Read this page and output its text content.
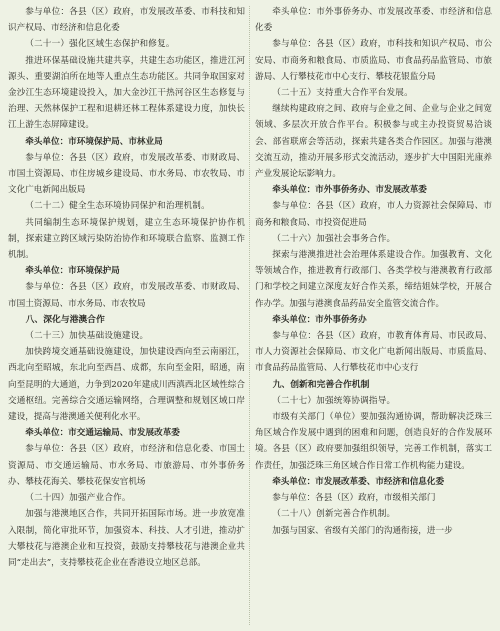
参与单位：各县（区）政府，市发展改革委、市科技和知识产权局、市经济和信息化委

（二十一）强化区域生态保护和修复。

推进环保基础设施共建共享，共建生态功能区，推进江河源头、重要湖泊所在地等人重点生态功能区。共同争取国家对金沙江生态环境建设投入，加大金沙江干热河谷区生态修复与治理、天然林保护工程和退耕还林工程体系建设力度，加快长江上游生态屏障建设。

牵头单位：市环境保护局、市林业局

参与单位：各县（区）政府，市发展改革委、市财政局、市国土资源局、市住房城乡建设局、市水务局、市农牧局、市文化广电新闻出版局

（二十二）健全生态环境协同保护和治理机制。

共同编制生态环境保护规划，建立生态环境保护协作机制，探索建立跨区域污染防治协作和环境联合监察、监测工作机制。

牵头单位：市环境保护局

参与单位：各县（区）政府，市发展改革委、市财政局、市国土资源局、市水务局、市农牧局

八、深化与港澳合作

（二十三）加快基础设施建设。

加快跨境交通基础设施建设，加快建设西向至云南丽江，西北向至昭城，东北向至西昌、成都，东向至金阳，昭通，南向至昆明的大通道，力争到2020年建成川西滇西北区域性综合交通枢纽。完善综合交通运输网络，合理调整和规划区域口岸建设，提高与港澳通关便利化水平。

牵头单位：市交通运输局、市发展改革委

参与单位：各县（区）政府，市经济和信息化委、市国土资源局、市交通运输局、市水务局、市旅游局、市外事侨务办、攀枝花海关、攀枝花保安官机场

（二十四）加强产业合作。

加强与港澳地区合作，共同开拓国际市场。进一步放宽准入限制，简化审批环节，加强资本、科技、人才引进，推动扩大攀枝花与港澳企业和互投资，鼓励支持攀枝花与港澳企业共同“走出去”，支持攀枝花企业在香港设立地区总部。

牵头单位：市外事侨务办、市发展改革委、市经济和信息化委

参与单位：各县（区）政府，市科技和知识产权局、市公安局、市商务和粮食局、市质监局、市食品药品监管局、市旅游局、人行攀枝花市中心支行、攀枝花银监分局

（二十五）支持重大合作平台发展。

继续构建政府之间、政府与企业之间、企业与企业之间宽领域、多层次开放合作平台。积极参与或主办投资贸易洽谈会、部省联席会等活动，探索共建各类合作园区。加强与港澳交流互动，推动开展多形式交流活动，逐步扩大中国阳光康养产业发展论坛影响力。

牵头单位：市外事侨务办、市发展改革委

参与单位：各县（区）政府，市人力资源社会保障局、市商务和粮食局、市投资促进局

（二十六）加强社会事务合作。

探索与港澳推进社会治理体系建设合作。加强教育、文化等领域合作，推进教育行政部门、各类学校与港澳教育行政部门和学校之间建立深度友好合作关系，缔结姐妹学校，开展合作办学。加强与港澳食品药品安全监管交流合作。

牵头单位：市外事侨务办

参与单位：各县（区）政府，市教育体育局、市民政局、市人力资源社会保障局、市文化广电新闻出版局、市质监局、市食品药品监管局、人行攀枝花市中心支行

九、创新和完善合作机制

（二十七）加强统筹协调指导。

市级有关部门（单位）要加强沟通协调，帮助解决泛珠三角区域合作发展中遇到的困难和问题，创造良好的合作发展环境。各县（区）政府要加强组织领导，完善工作机制，落实工作责任，加强泛珠三角区域合作日常工作机构能力建设。

牵头单位：市发展改革委、市经济和信息化委

参与单位：各县（区）政府，市级相关部门

（二十八）创新完善合作机制。

加强与国家、省级有关部门的沟通衔接，进一步
